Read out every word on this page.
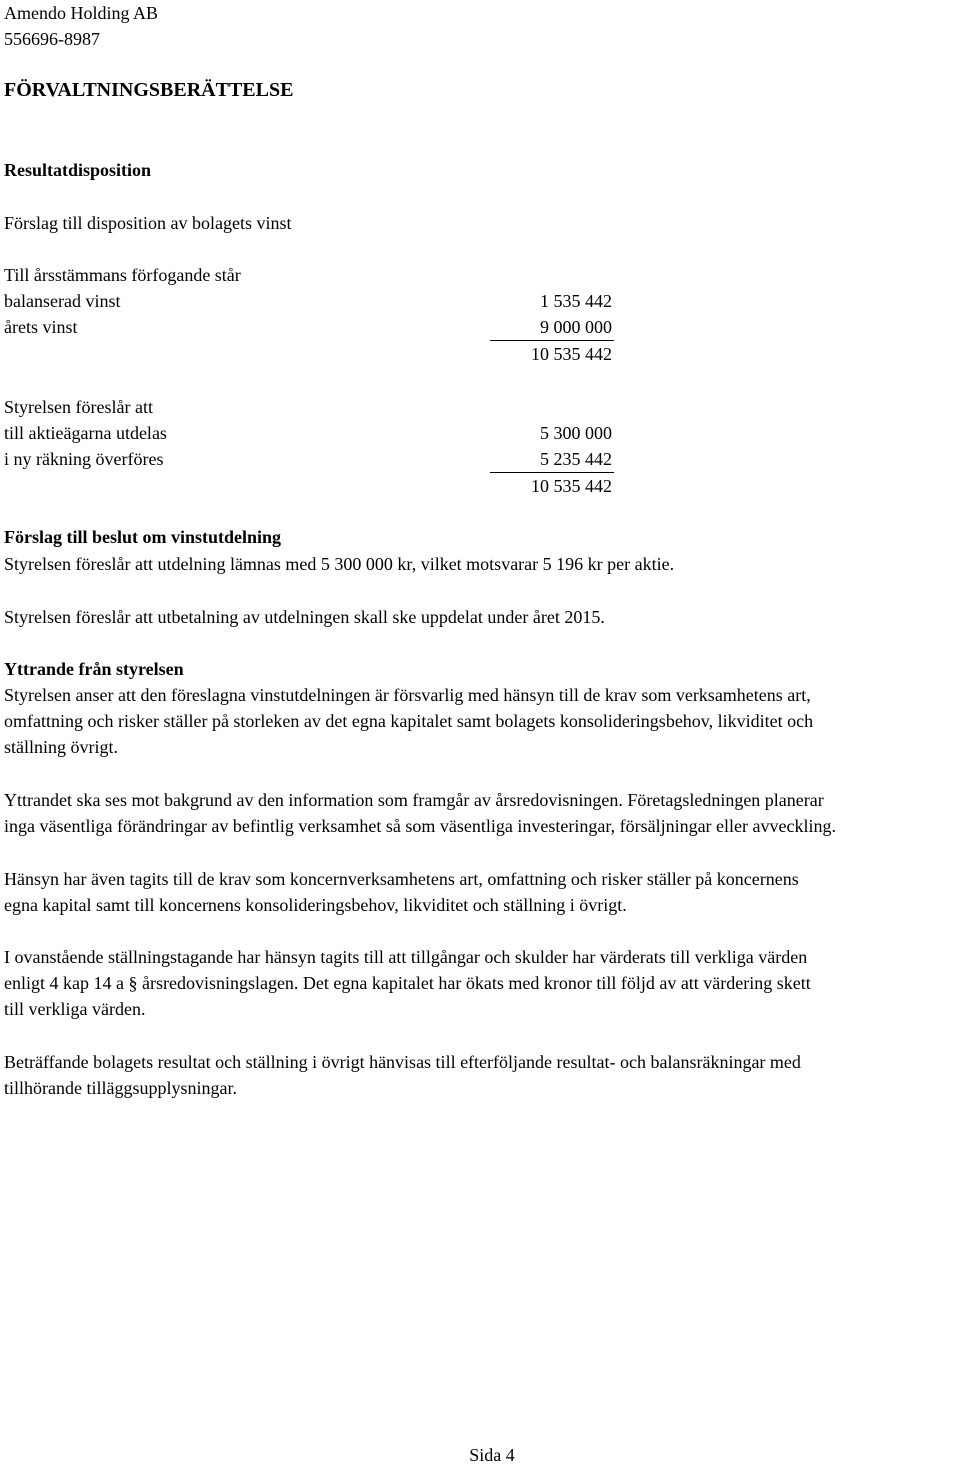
Amendo Holding AB
556696-8987
FÖRVALTNINGSBERÄTTELSE
Resultatdisposition
Förslag till disposition av bolagets vinst
Till årsstämmans förfogande står
balanserad vinst	1 535 442
årets vinst	9 000 000
10 535 442
Styrelsen föreslår att
till aktieägarna utdelas	5 300 000
i ny räkning överföres	5 235 442
10 535 442
Förslag till beslut om vinstutdelning
Styrelsen föreslår att utdelning lämnas med 5 300 000 kr, vilket motsvarar 5 196 kr per aktie.
Styrelsen föreslår att utbetalning av utdelningen skall ske uppdelat under året 2015.
Yttrande från styrelsen
Styrelsen anser att den föreslagna vinstutdelningen är försvarlig med hänsyn till de krav som verksamhetens art,
omfattning och risker ställer på storleken av det egna kapitalet samt bolagets konsolideringsbehov, likviditet och
ställning övrigt.
Yttrandet ska ses mot bakgrund av den information som framgår av årsredovisningen. Företagsledningen planerar
inga väsentliga förändringar av befintlig verksamhet så som väsentliga investeringar, försäljningar eller avveckling.
Hänsyn har även tagits till de krav som koncernverksamhetens art, omfattning och risker ställer på koncernens
egna kapital samt till koncernens konsolideringsbehov, likviditet och ställning i övrigt.
I ovanstående ställningstagande har hänsyn tagits till att tillgångar och skulder har värderats till verkliga värden
enligt 4 kap 14 a § årsredovisningslagen. Det egna kapitalet har ökats med kronor till följd av att värdering skett
till verkliga värden.
Beträffande bolagets resultat och ställning i övrigt hänvisas till efterföljande resultat- och balansräkningar med
tillhörande tilläggsupplysningar.
Sida 4
